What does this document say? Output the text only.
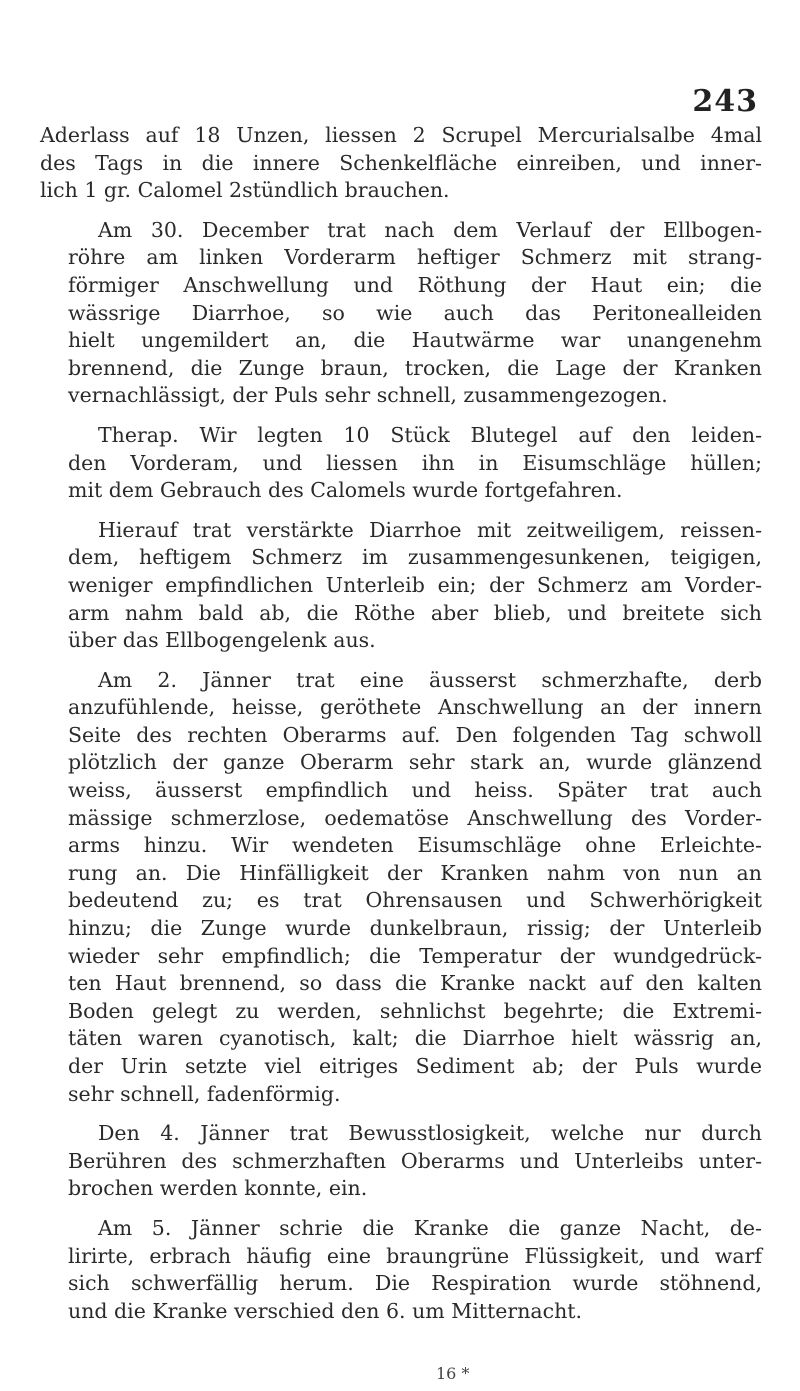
243
Aderlass auf 18 Unzen, liessen 2 Scrupel Mercurialsalbe 4mal
des Tags in die innere Schenkelfläche einreiben, und inner-
lich 1 gr. Calomel 2stündlich brauchen.
Am 30. December trat nach dem Verlauf der Ellbogen-
röhre am linken Vorderarm heftiger Schmerz mit strang-
förmiger Anschwellung und Röthung der Haut ein; die
wässrige Diarrhoe, so wie auch das Peritonealleiden
hielt ungemildert an, die Hautwärme war unangenehm
brennend, die Zunge braun, trocken, die Lage der Kranken
vernachlässigt, der Puls sehr schnell, zusammengezogen.
Therap. Wir legten 10 Stück Blutegel auf den leiden-
den Vorderam, und liessen ihn in Eisumschläge hüllen;
mit dem Gebrauch des Calomels wurde fortgefahren.
Hierauf trat verstärkte Diarrhoe mit zeitweiligem, reissen-
dem, heftigem Schmerz im zusammengesunkenen, teigigen,
weniger empfindlichen Unterleib ein; der Schmerz am Vorder-
arm nahm bald ab, die Röthe aber blieb, und breitete sich
über das Ellbogengelenk aus.
Am 2. Jänner trat eine äusserst schmerzhafte, derb
anzufühlende, heisse, geröthete Anschwellung an der innern
Seite des rechten Oberarms auf. Den folgenden Tag schwoll
plötzlich der ganze Oberarm sehr stark an, wurde glänzend
weiss, äusserst empfindlich und heiss. Später trat auch
mässige schmerzlose, oedematöse Anschwellung des Vorder-
arms hinzu. Wir wendeten Eisumschläge ohne Erleichte-
rung an. Die Hinfälligkeit der Kranken nahm von nun an
bedeutend zu; es trat Ohrensausen und Schwerhörigkeit
hinzu; die Zunge wurde dunkelbraun, rissig; der Unterleib
wieder sehr empfindlich; die Temperatur der wundgedrück-
ten Haut brennend, so dass die Kranke nackt auf den kalten
Boden gelegt zu werden, sehnlichst begehrte; die Extremi-
täten waren cyanotisch, kalt; die Diarrhoe hielt wässrig an,
der Urin setzte viel eitriges Sediment ab; der Puls wurde
sehr schnell, fadenförmig.
Den 4. Jänner trat Bewusstlosigkeit, welche nur durch
Berühren des schmerzhaften Oberarms und Unterleibs unter-
brochen werden konnte, ein.
Am 5. Jänner schrie die Kranke die ganze Nacht, de-
lirirte, erbrach häufig eine braungrüne Flüssigkeit, und warf
sich schwerfällig herum. Die Respiration wurde stöhnend,
und die Kranke verschied den 6. um Mitternacht.
16 *
